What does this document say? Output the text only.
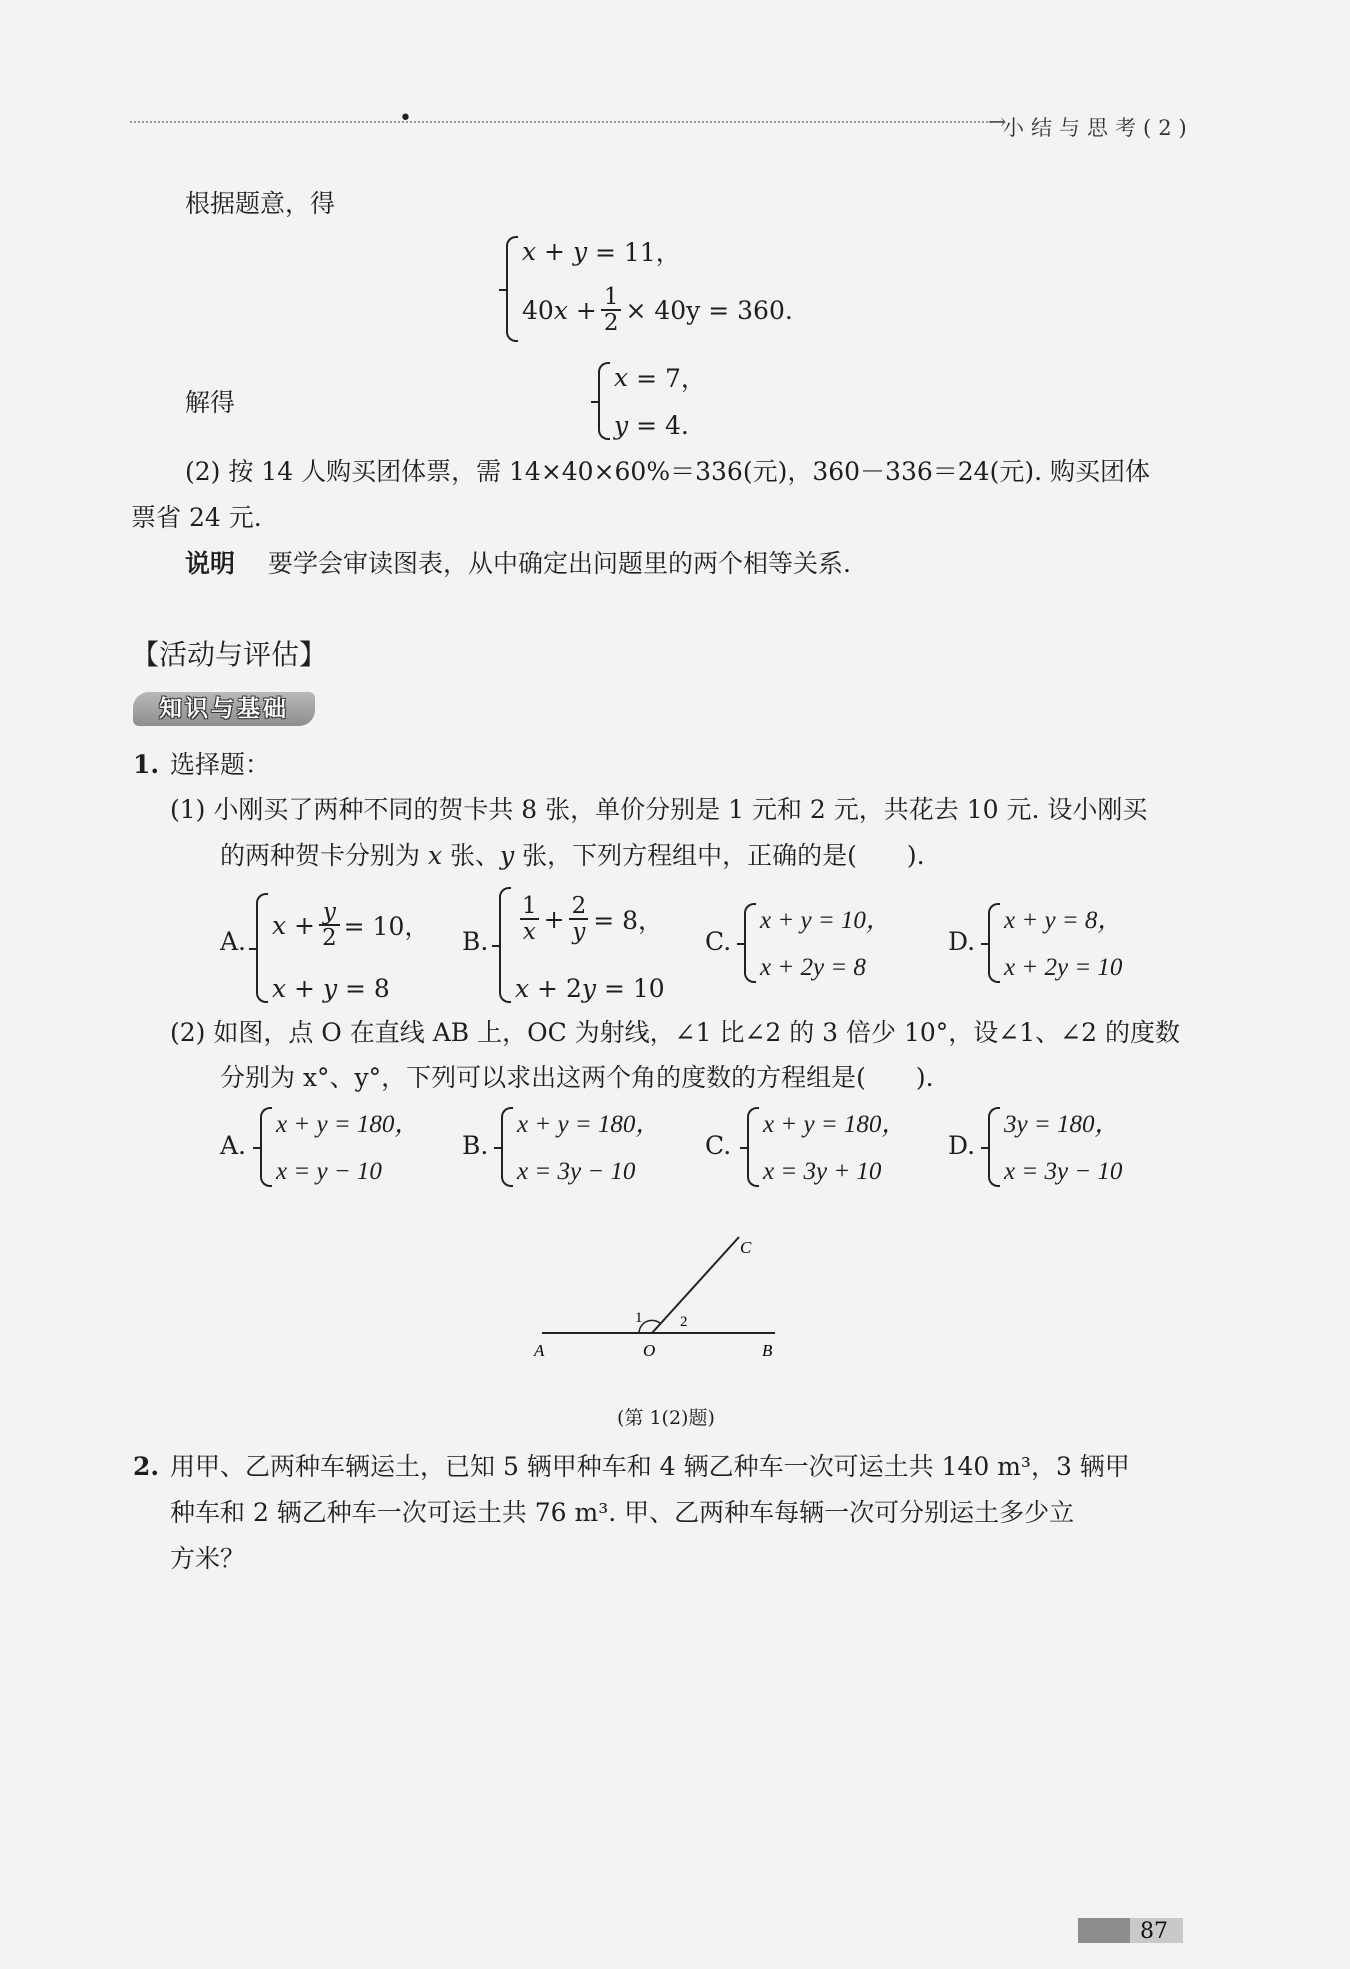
•	→
小结与思考(2)
根据题意，得
x + y
= 11，
40 $x + \frac{1}{2} \times 40y = 360$.
解得
x
= 7，
y
= 4.
(2) 按 14 人购买团体票，需 14×40×60%＝336(元)，360－336＝24(元). 购买团体
票省 24 元.
说明 要学会审读图表，从中确定出问题里的两个相等关系.
【活动与评估】
知识与基础
1. 选择题：
(1) 小刚买了两种不同的贺卡共 8 张，单价分别是 1 元和 2 元，共花去 10 元. 设小刚买
的两种贺卡分别为 x 张、y 张，下列方程组中，正确的是(　　).
A.
$x + \frac{y}{2} = 10$，
x + y
= 8
B. $\frac{1}{x} + \frac{2}{y} = 8$，
x + 2 y
= 10
C.
x + y = 10，
x + 2y = 8
D.
x + y = 8，
x + 2y = 10
(2) 如图，点 O 在直线 AB 上，OC 为射线，∠1 比∠2 的 3 倍少 10°，设∠1、∠2 的度数
分别为 x°、y°，下列可以求出这两个角的度数的方程组是(　　).
A.
x + y = 180，
x = y − 10
B.
x + y = 180，
x = 3y − 10
C.
x + y = 180，
x = 3y + 10
D.
3y = 180，
x = 3y − 10
C
A	O	B
1	2
(第 1(2)题)
2. 用甲、乙两种车辆运土，已知 5 辆甲种车和 4 辆乙种车一次可运土共 140 m³，3 辆甲
种车和 2 辆乙种车一次可运土共 76 m³. 甲、乙两种车每辆一次可分别运土多少立
方米？
87
